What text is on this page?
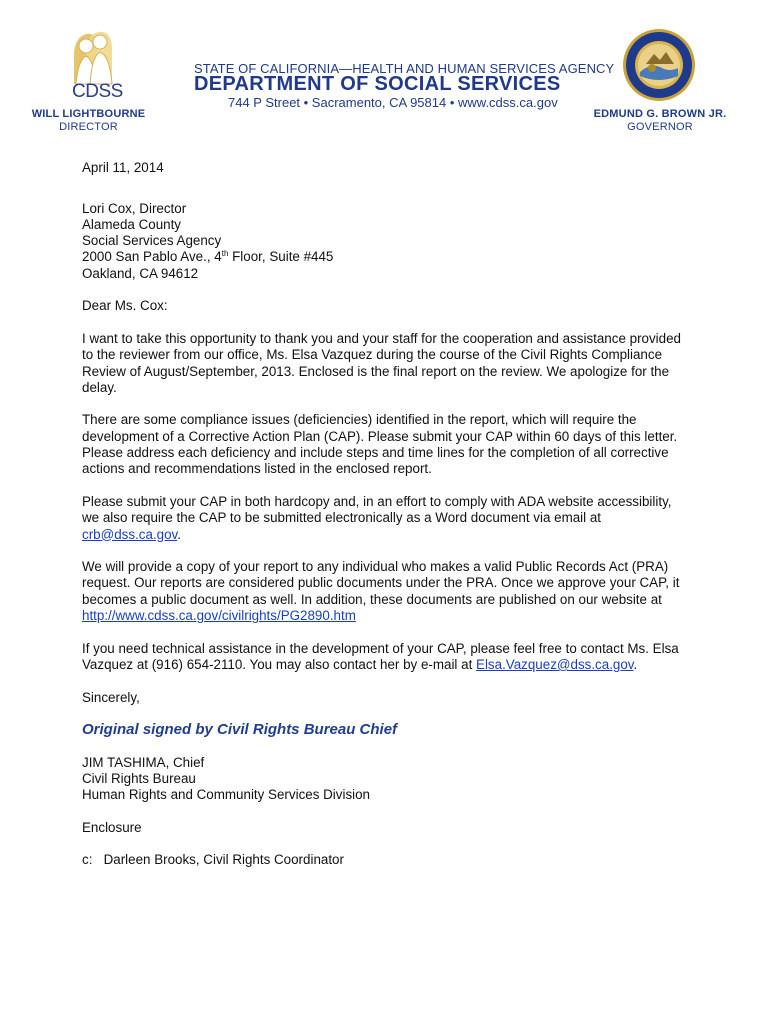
CDSS
WILL LIGHTBOURNE
DIRECTOR
STATE OF CALIFORNIA—HEALTH AND HUMAN SERVICES AGENCY
DEPARTMENT OF SOCIAL SERVICES
744 P Street • Sacramento, CA 95814 • www.cdss.ca.gov
EDMUND G. BROWN JR.
GOVERNOR

April 11, 2014

Lori Cox, Director

Alameda County

Social Services Agency

2000 San Pablo Ave., 4th Floor, Suite #445

Oakland, CA 94612

Dear Ms. Cox:

I want to take this opportunity to thank you and your staff for the cooperation and assistance provided to the reviewer from our office, Ms. Elsa Vazquez during the course of the Civil Rights Compliance Review of August/September, 2013. Enclosed is the final report on the review. We apologize for the delay.

There are some compliance issues (deficiencies) identified in the report, which will require the development of a Corrective Action Plan (CAP). Please submit your CAP within 60 days of this letter. Please address each deficiency and include steps and time lines for the completion of all corrective actions and recommendations listed in the enclosed report.

Please submit your CAP in both hardcopy and, in an effort to comply with ADA website accessibility, we also require the CAP to be submitted electronically as a Word document via email at crb@dss.ca.gov.

We will provide a copy of your report to any individual who makes a valid Public Records Act (PRA) request. Our reports are considered public documents under the PRA. Once we approve your CAP, it becomes a public document as well. In addition, these documents are published on our website at http://www.cdss.ca.gov/civilrights/PG2890.htm

If you need technical assistance in the development of your CAP, please feel free to contact Ms. Elsa Vazquez at (916) 654-2110. You may also contact her by e-mail at Elsa.Vazquez@dss.ca.gov.

Sincerely,

Original signed by Civil Rights Bureau Chief

JIM TASHIMA, Chief

Civil Rights Bureau

Human Rights and Community Services Division

Enclosure

c:   Darleen Brooks, Civil Rights Coordinator
